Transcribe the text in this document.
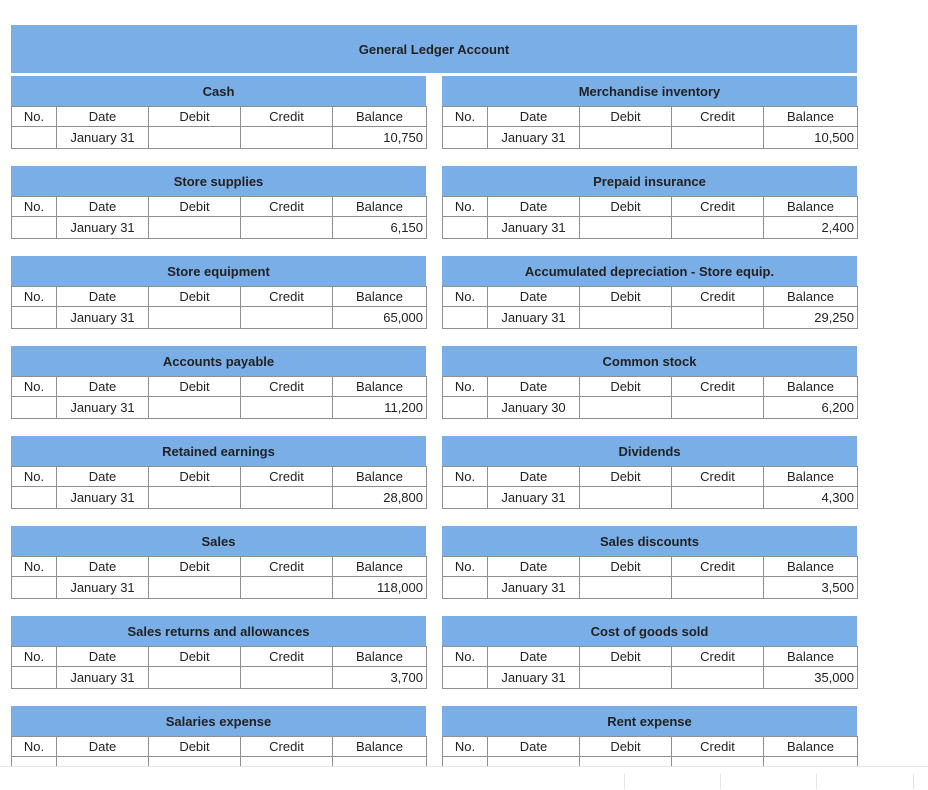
General Ledger Account
Cash
No.	Date	Debit	Credit	Balance
	January 31			10,750
Merchandise inventory
No.	Date	Debit	Credit	Balance
	January 31			10,500
Store supplies
No.	Date	Debit	Credit	Balance
	January 31			6,150
Prepaid insurance
No.	Date	Debit	Credit	Balance
	January 31			2,400
Store equipment
No.	Date	Debit	Credit	Balance
	January 31			65,000
Accumulated depreciation - Store equip.
No.	Date	Debit	Credit	Balance
	January 31			29,250
Accounts payable
No.	Date	Debit	Credit	Balance
	January 31			11,200
Common stock
No.	Date	Debit	Credit	Balance
	January 30			6,200
Retained earnings
No.	Date	Debit	Credit	Balance
	January 31			28,800
Dividends
No.	Date	Debit	Credit	Balance
	January 31			4,300
Sales
No.	Date	Debit	Credit	Balance
	January 31			118,000
Sales discounts
No.	Date	Debit	Credit	Balance
	January 31			3,500
Sales returns and allowances
No.	Date	Debit	Credit	Balance
	January 31			3,700
Cost of goods sold
No.	Date	Debit	Credit	Balance
	January 31			35,000
Salaries expense
No.	Date	Debit	Credit	Balance

Rent expense
No.	Date	Debit	Credit	Balance
